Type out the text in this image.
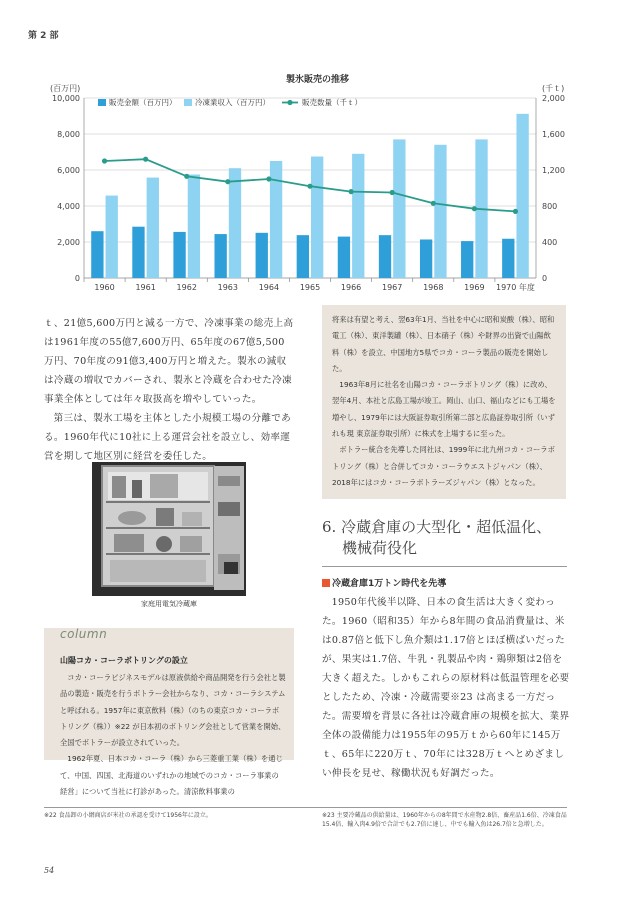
第 2 部
0	0
2,000	400
4,000	800
6,000	1,200
8,000	1,600
10,000	2,000
(百万円)	(千ｔ)
1960	1961	1962	1963	1964	1965	1966	1967	1968	1969 1970 年度
販売金額（百万円） 冷凍業収入（百万円）	販売数量（千ｔ）
製氷販売の推移

ｔ、21億5,600万円と減る一方で、冷凍事業の総売上高は1961年度の55億7,600万円、65年度の67億5,500万円、70年度の91億3,400万円と増えた。製氷の減収は冷蔵の増収でカバーされ、製氷と冷蔵を合わせた冷凍事業全体としては年々取扱高を増やしていった。

第三は、製氷工場を主体とした小規模工場の分離である。1960年代に10社に上る運営会社を設立し、効率運営を期して地区別に経営を委任した。

家庭用電気冷蔵庫
column
山陽コカ・コーラボトリングの設立

コカ・コーラビジネスモデルは原液供給や商品開発を行う会社と製品の製造・販売を行うボトラー会社からなり、コカ・コーラシステムと呼ばれる。1957年に東京飲料（株）（のちの東京コカ・コーラボトリング（株））※22 が日本初のボトリング会社として営業を開始、全国でボトラーが設立されていった。

1962年夏、日本コカ・コーラ（株）から三菱重工業（株）を通じて、中国、四国、北海道のいずれかの地域でのコカ・コーラ事業の経営」について当社に打診があった。清涼飲料事業の

将来は有望と考え、翌63年1月、当社を中心に昭和炭酸（株）、昭和電工（株）、東洋製罐（株）、日本硝子（株）や財界の出資で山陽飲料（株）を設立、中国地方5県でコカ・コーラ製品の販売を開始した。

1963年8月に社名を山陽コカ・コーラボトリング（株）に改め、翌年4月、本社と広島工場が竣工。岡山、山口、福山などにも工場を増やし、1979年には大阪証券取引所第二部と広島証券取引所（いずれも現 東京証券取引所）に株式を上場するに至った。

ボトラー統合を先導した同社は、1999年に北九州コカ・コーラボトリング（株）と合併してコカ・コーラウエストジャパン（株）、2018年にはコカ・コーラボトラーズジャパン（株）となった。

6. 冷蔵倉庫の大型化・超低温化、
機械荷役化
冷蔵倉庫1万トン時代を先導

1950年代後半以降、日本の食生活は大きく変わった。1960（昭和35）年から8年間の食品消費量は、米は0.87倍と低下し魚介類は1.17倍とほぼ横ばいだったが、果実は1.7倍、牛乳・乳製品や肉・鶏卵類は2倍を大きく超えた。しかもこれらの原材料は低温管理を必要としたため、冷凍・冷蔵需要※23 は高まる一方だった。需要増を背景に各社は冷蔵倉庫の規模を拡大、業界全体の設備能力は1955年の95万ｔから60年に145万ｔ、65年に220万ｔ、70年には328万ｔへとめざましい伸長を見せ、稼働状況も好調だった。

※22 食品卸の小網商店が米社の承認を受けて1956年に設立。	※23 主要冷蔵品の供給量は、1960年からの8年間で水産物2.8倍、畜産品1.6倍、冷凍食品15.4倍、輸入肉4.9倍で合計でも2.7倍に達し、中でも輸入魚は26.7倍と急増した。
54
